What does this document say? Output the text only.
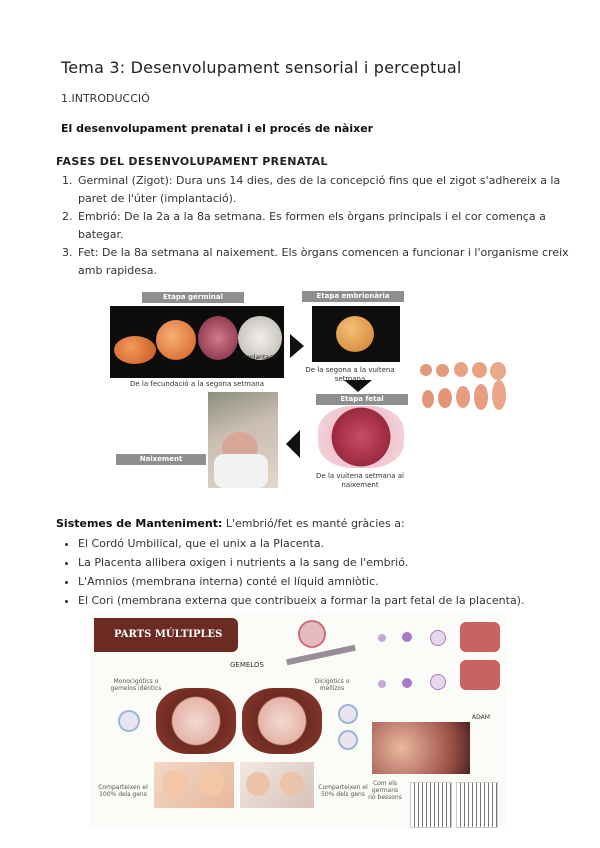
Tema 3: Desenvolupament sensorial i perceptual
1.INTRODUCCIÓ
El desenvolupament prenatal i el procés de nàixer
FASES DEL DESENVOLUPAMENT PRENATAL
1. Germinal (Zigot): Dura uns 14 dies, des de la concepció fins que el zigot s'adhereix a la paret de l'úter (implantació).
2. Embrió: De la 2a a la 8a setmana. Es formen els òrgans principals i el cor comença a bategar.
3. Fet: De la 8a setmana al naixement. Els òrgans comencen a funcionar i l'organisme creix amb rapidesa.
Etapa germinal	Etapa embrionària
Implantació
De la segona a la vuitena setmana
De la fecundació a la segona setmana
Etapa fetal
De la vuitena setmana al naixement
Naixement
Sistemes de Manteniment: L'embrió/fet es manté gràcies a:
• El Cordó Umbilical, que el unix a la Placenta.
• La Placenta allibera oxigen i nutrients a la sang de l'embrió.
• L'Amnios (membrana interna) conté el líquid amniòtic.
• El Cori (membrana externa que contribueix a formar la part fetal de la placenta).
PARTS MÚLTIPLES
GEMELOS
ADAM
Monocigòtics o gemelos idèntics
Dicigòtics o mellizos
Comparteixen el 100% dels gens
Comparteixen el 50% dels gens
Com els germans no bessons
